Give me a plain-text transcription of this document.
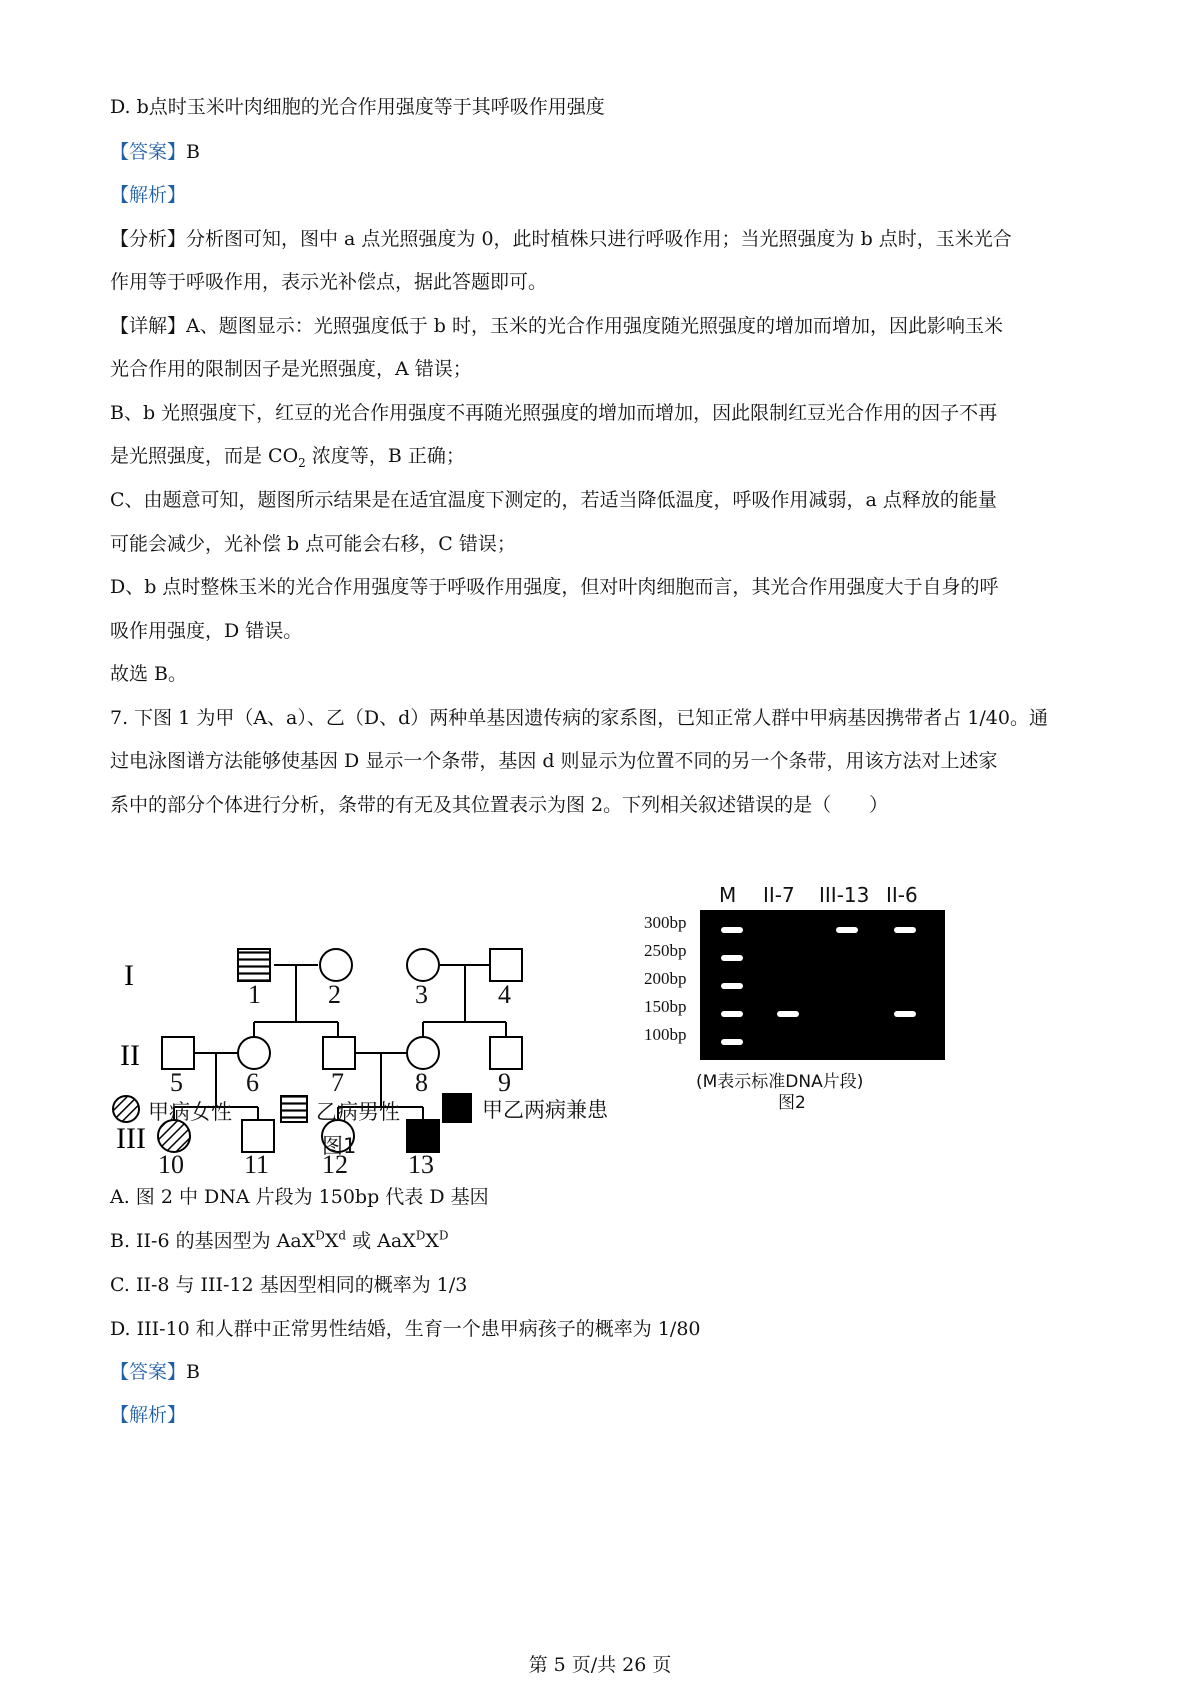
D. b点时玉米叶肉细胞的光合作用强度等于其呼吸作用强度
【答案】B
【解析】
【分析】分析图可知，图中 a 点光照强度为 0，此时植株只进行呼吸作用；当光照强度为 b 点时，玉米光合
作用等于呼吸作用，表示光补偿点，据此答题即可。
【详解】A、题图显示：光照强度低于 b 时，玉米的光合作用强度随光照强度的增加而增加，因此影响玉米
光合作用的限制因子是光照强度，A 错误；
B、b 光照强度下，红豆的光合作用强度不再随光照强度的增加而增加，因此限制红豆光合作用的因子不再
是光照强度，而是 $CO_2$ 浓度等，B 正确；
C、由题意可知，题图所示结果是在适宜温度下测定的，若适当降低温度，呼吸作用减弱，a 点释放的能量
可能会减少，光补偿 b 点可能会右移，C 错误；
D、b 点时整株玉米的光合作用强度等于呼吸作用强度，但对叶肉细胞而言，其光合作用强度大于自身的呼
吸作用强度，D 错误。
故选 B。
7. 下图 1 为甲（A、a）、乙（D、d）两种单基因遗传病的家系图，已知正常人群中甲病基因携带者占 1/40。通
过电泳图谱方法能够使基因 D 显示一个条带，基因 d 则显示为位置不同的另一个条带，用该方法对上述家
系中的部分个体进行分析，条带的有无及其位置表示为图 2。下列相关叙述错误的是（　　）
I
II
III
1	2	3	4
5 6	7	8	9
10 11 12 13
甲病女性	乙病男性	甲乙两病兼患
图1
M II-7 III-13 II-6
300bp
250bp
200bp
150bp
100bp
(M表示标准DNA片段)
图2
A. 图 2 中 DNA 片段为 150bp 代表 D 基因
B. II-6 的基因型为 $AaX^DX^d$ 或 $AaX^DX^D$
C. II-8 与 III-12 基因型相同的概率为 1/3
D. III-10 和人群中正常男性结婚，生育一个患甲病孩子的概率为 1/80
【答案】B
【解析】
第 5 页/共 26 页
